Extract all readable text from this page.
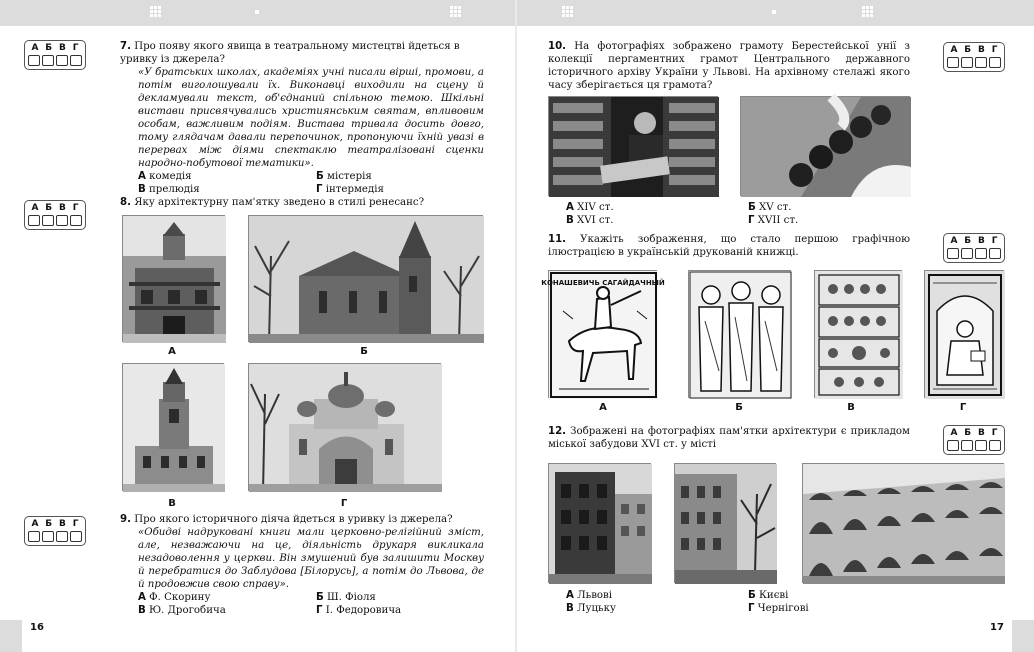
16	17
А Б В Г
А Б В Г
А Б В Г
А Б В Г
А Б В Г
А Б В Г
7. Про появу якого явища в театральному мистецтві йдеться в уривку із джерела?
«У братських школах, академіях учні писали вірші, промови, а потім виголошували їх. Виконавці виходили на сцену й декламували текст, об'єднаний спільною темою. Шкільні вистави присвячувались християнським святам, впливовим особам, важливим подіям. Вистава тривала досить довго, тому глядачам давали перепочинок, пропонуючи їхній увазі в перервах між діями спектаклю театралізовані сценки народно-побутової тематики».
А комедія	Б містерія
В прелюдія	Г інтермедія
8. Яку архітектурну пам'ятку зведено в стилі ренесанс?
А	Б
В	Г
9. Про якого історичного діяча йдеться в уривку із джерела?
«Обидві надруковані книги мали церковно-релігійний зміст, але, незважаючи на це, діяльність друкаря викликала незадоволення у церкви. Він змушений був залишити Москву й перебратися до Заблудова [Білорусь], а потім до Львова, де й продовжив свою справу».
А Ф. Скорину	Б Ш. Фіоля
В Ю. Дрогобича	Г І. Федоровича
10. На фотографіях зображено грамоту Берестейської унії з колекції пергаментних грамот Центрального державного історичного архіву України у Львові. На архівному стелажі якого часу зберігається ця грамота?
А XIV ст.	Б XV ст.
В XVI ст.	Г XVII ст.
11. Укажіть зображення, що стало першою графічною ілюстрацією в українській друкованій книжці.
КОНАШЕВИЧЬ САГАЙДАЧНЫЙ
А	Б	В	Г
12. Зображені на фотографіях пам'ятки архітектури є прикладом міської забудови XVI ст. у місті
А Львові	Б Києві
В Луцьку	Г Чернігові
